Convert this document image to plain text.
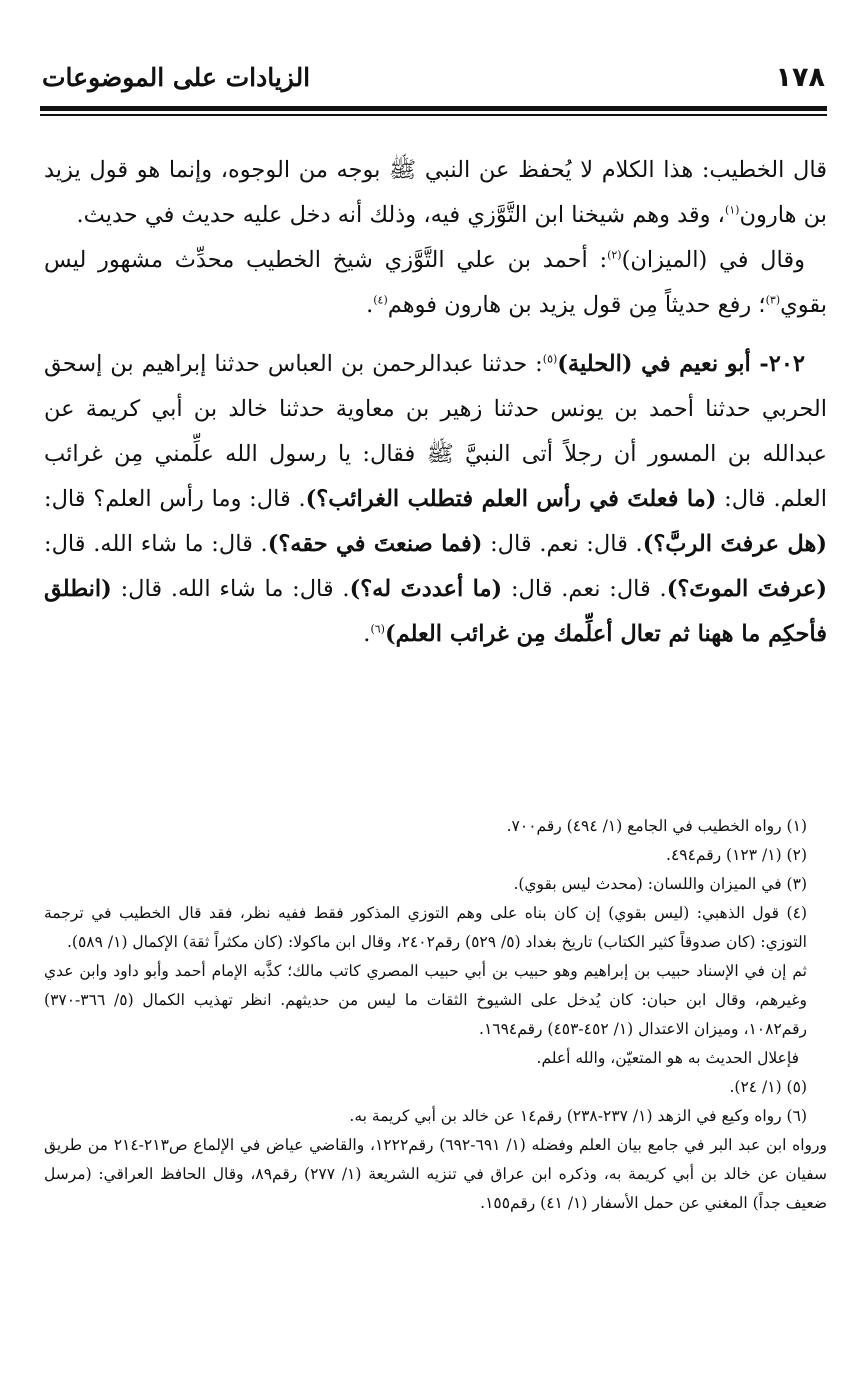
١٧٨
الزيادات على الموضوعات

قال الخطيب: هذا الكلام لا يُحفظ عن النبي ﷺ بوجه من الوجوه، وإنما هو قول يزيد بن هارون$^{(١)}$، وقد وهم شيخنا ابن التَّوَّزي فيه، وذلك أنه دخل عليه حديث في حديث.

وقال في (الميزان)$^{(٢)}$: أحمد بن علي التَّوَّزي شيخ الخطيب محدِّث مشهور ليس بقوي$^{(٣)}$؛ رفع حديثاً مِن قول يزيد بن هارون فوهم$^{(٤)}$.

٢٠٢- أبو نعيم في (الحلية)$^{(٥)}$: حدثنا عبدالرحمن بن العباس حدثنا إبراهيم بن إسحق الحربي حدثنا أحمد بن يونس حدثنا زهير بن معاوية حدثنا خالد بن أبي كريمة عن عبدالله بن المسور أن رجلاً أتى النبيَّ ﷺ فقال: يا رسول الله علِّمني مِن غرائب العلم. قال: (ما فعلتَ في رأس العلم فتطلب الغرائب؟). قال: وما رأس العلم؟ قال: (هل عرفتَ الربَّ؟). قال: نعم. قال: (فما صنعتَ في حقه؟). قال: ما شاء الله. قال: (عرفتَ الموتَ؟). قال: نعم. قال: (ما أعددتَ له؟). قال: ما شاء الله. قال: (انطلق فأحكِم ما ههنا ثم تعال أعلِّمك مِن غرائب العلم)$^{(٦)}$.

(١) رواه الخطيب في الجامع (١/ ٤٩٤) رقم٧٠٠.

(٢) (١/ ١٢٣) رقم٤٩٤.

(٣) في الميزان واللسان: (محدث ليس بقوي).

(٤) قول الذهبي: (ليس بقوي) إن كان بناه على وهم التوزي المذكور فقط ففيه نظر، فقد قال الخطيب في ترجمة التوزي: (كان صدوقاً كثير الكتاب) تاريخ بغداد (٥/ ٥٢٩) رقم٢٤٠٢، وقال ابن ماكولا: (كان مكثراً ثقة) الإكمال (١/ ٥٨٩).

ثم إن في الإسناد حبيب بن إبراهيم وهو حبيب بن أبي حبيب المصري كاتب مالك؛ كذَّبه الإمام أحمد وأبو داود وابن عدي وغيرهم، وقال ابن حبان: كان يُدخل على الشيوخ الثقات ما ليس من حديثهم. انظر تهذيب الكمال (٥/ ٣٦٦-٣٧٠) رقم١٠٨٢، وميزان الاعتدال (١/ ٤٥٢-٤٥٣) رقم١٦٩٤.

فإعلال الحديث به هو المتعيّن، والله أعلم.

(٥) (١/ ٢٤).

(٦) رواه وكيع في الزهد (١/ ٢٣٧-٢٣٨) رقم١٤ عن خالد بن أبي كريمة به.

ورواه ابن عبد البر في جامع بيان العلم وفضله (١/ ٦٩١-٦٩٢) رقم١٢٢٢، والقاضي عياض في الإلماع ص٢١٣-٢١٤ من طريق سفيان عن خالد بن أبي كريمة به، وذكره ابن عراق في تنزيه الشريعة (١/ ٢٧٧) رقم٨٩، وقال الحافظ العراقي: (مرسل ضعيف جداً) المغني عن حمل الأسفار (١/ ٤١) رقم١٥٥.
